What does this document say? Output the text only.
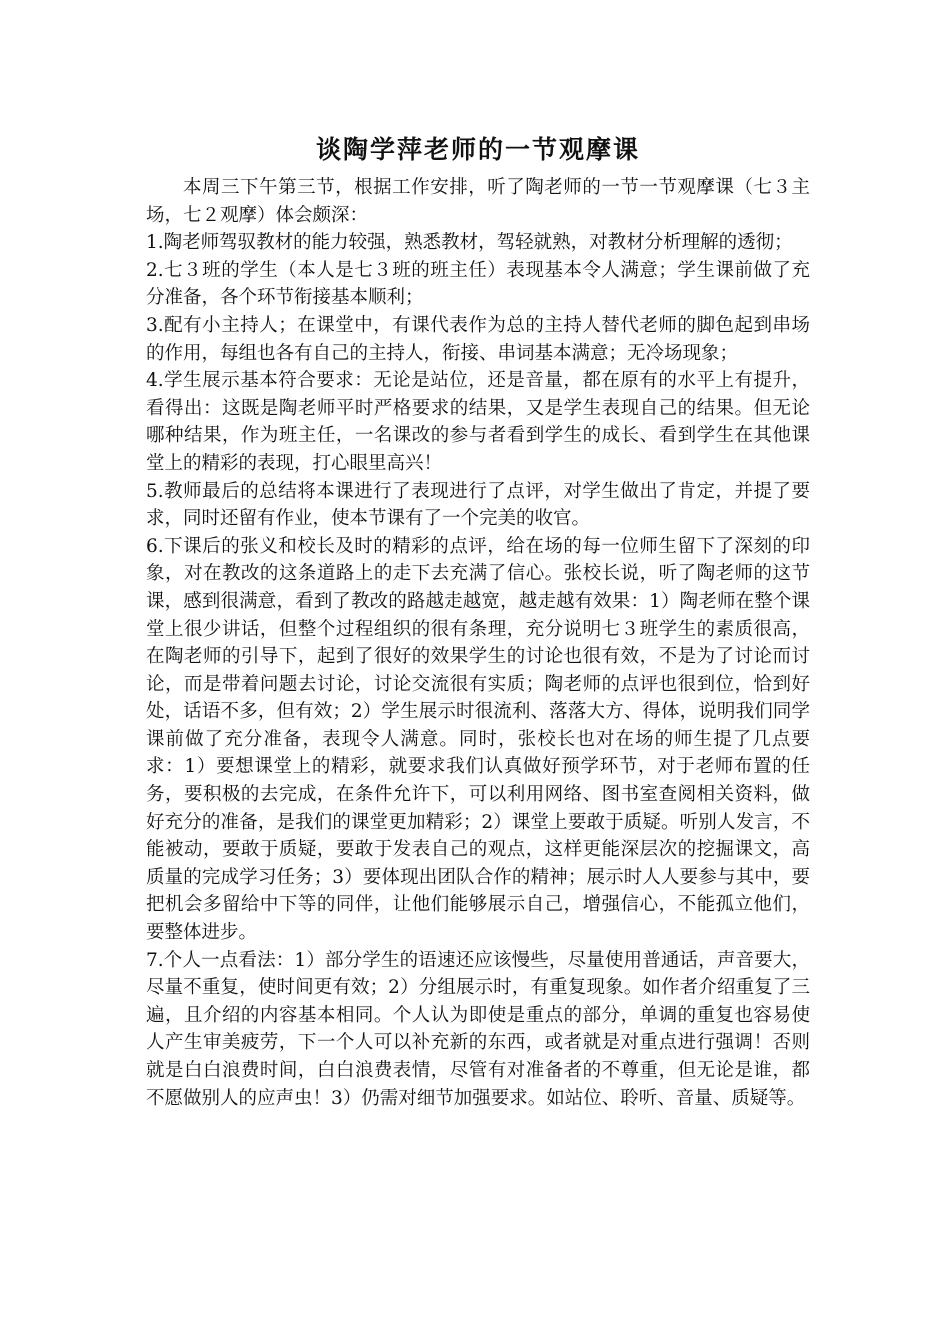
谈陶学萍老师的一节观摩课

本周三下午第三节，根据工作安排，听了陶老师的一节一节观摩课（七３主场，七２观摩）体会颇深：

1.陶老师驾驭教材的能力较强，熟悉教材，驾轻就熟，对教材分析理解的透彻；

2.七３班的学生（本人是七３班的班主任）表现基本令人满意；学生课前做了充分准备，各个环节衔接基本顺利；

3.配有小主持人；在课堂中，有课代表作为总的主持人替代老师的脚色起到串场的作用，每组也各有自己的主持人，衔接、串词基本满意；无冷场现象；

4.学生展示基本符合要求：无论是站位，还是音量，都在原有的水平上有提升，看得出：这既是陶老师平时严格要求的结果，又是学生表现自己的结果。但无论哪种结果，作为班主任，一名课改的参与者看到学生的成长、看到学生在其他课堂上的精彩的表现，打心眼里高兴！

5.教师最后的总结将本课进行了表现进行了点评，对学生做出了肯定，并提了要求，同时还留有作业，使本节课有了一个完美的收官。

6.下课后的张义和校长及时的精彩的点评，给在场的每一位师生留下了深刻的印象，对在教改的这条道路上的走下去充满了信心。张校长说，听了陶老师的这节课，感到很满意，看到了教改的路越走越宽，越走越有效果：1）陶老师在整个课堂上很少讲话，但整个过程组织的很有条理，充分说明七３班学生的素质很高，在陶老师的引导下，起到了很好的效果学生的讨论也很有效，不是为了讨论而讨论，而是带着问题去讨论，讨论交流很有实质；陶老师的点评也很到位，恰到好处，话语不多，但有效；2）学生展示时很流利、落落大方、得体，说明我们同学课前做了充分准备，表现令人满意。同时，张校长也对在场的师生提了几点要求：1）要想课堂上的精彩，就要求我们认真做好预学环节，对于老师布置的任务，要积极的去完成，在条件允许下，可以利用网络、图书室查阅相关资料，做好充分的准备，是我们的课堂更加精彩；2）课堂上要敢于质疑。听别人发言，不能被动，要敢于质疑，要敢于发表自己的观点，这样更能深层次的挖掘课文，高质量的完成学习任务；3）要体现出团队合作的精神；展示时人人要参与其中，要把机会多留给中下等的同伴，让他们能够展示自己，增强信心，不能孤立他们，要整体进步。

7.个人一点看法：1）部分学生的语速还应该慢些，尽量使用普通话，声音要大，尽量不重复，使时间更有效；2）分组展示时，有重复现象。如作者介绍重复了三遍，且介绍的内容基本相同。个人认为即使是重点的部分，单调的重复也容易使人产生审美疲劳，下一个人可以补充新的东西，或者就是对重点进行强调！否则就是白白浪费时间，白白浪费表情，尽管有对准备者的不尊重，但无论是谁，都不愿做别人的应声虫！3）仍需对细节加强要求。如站位、聆听、音量、质疑等。
